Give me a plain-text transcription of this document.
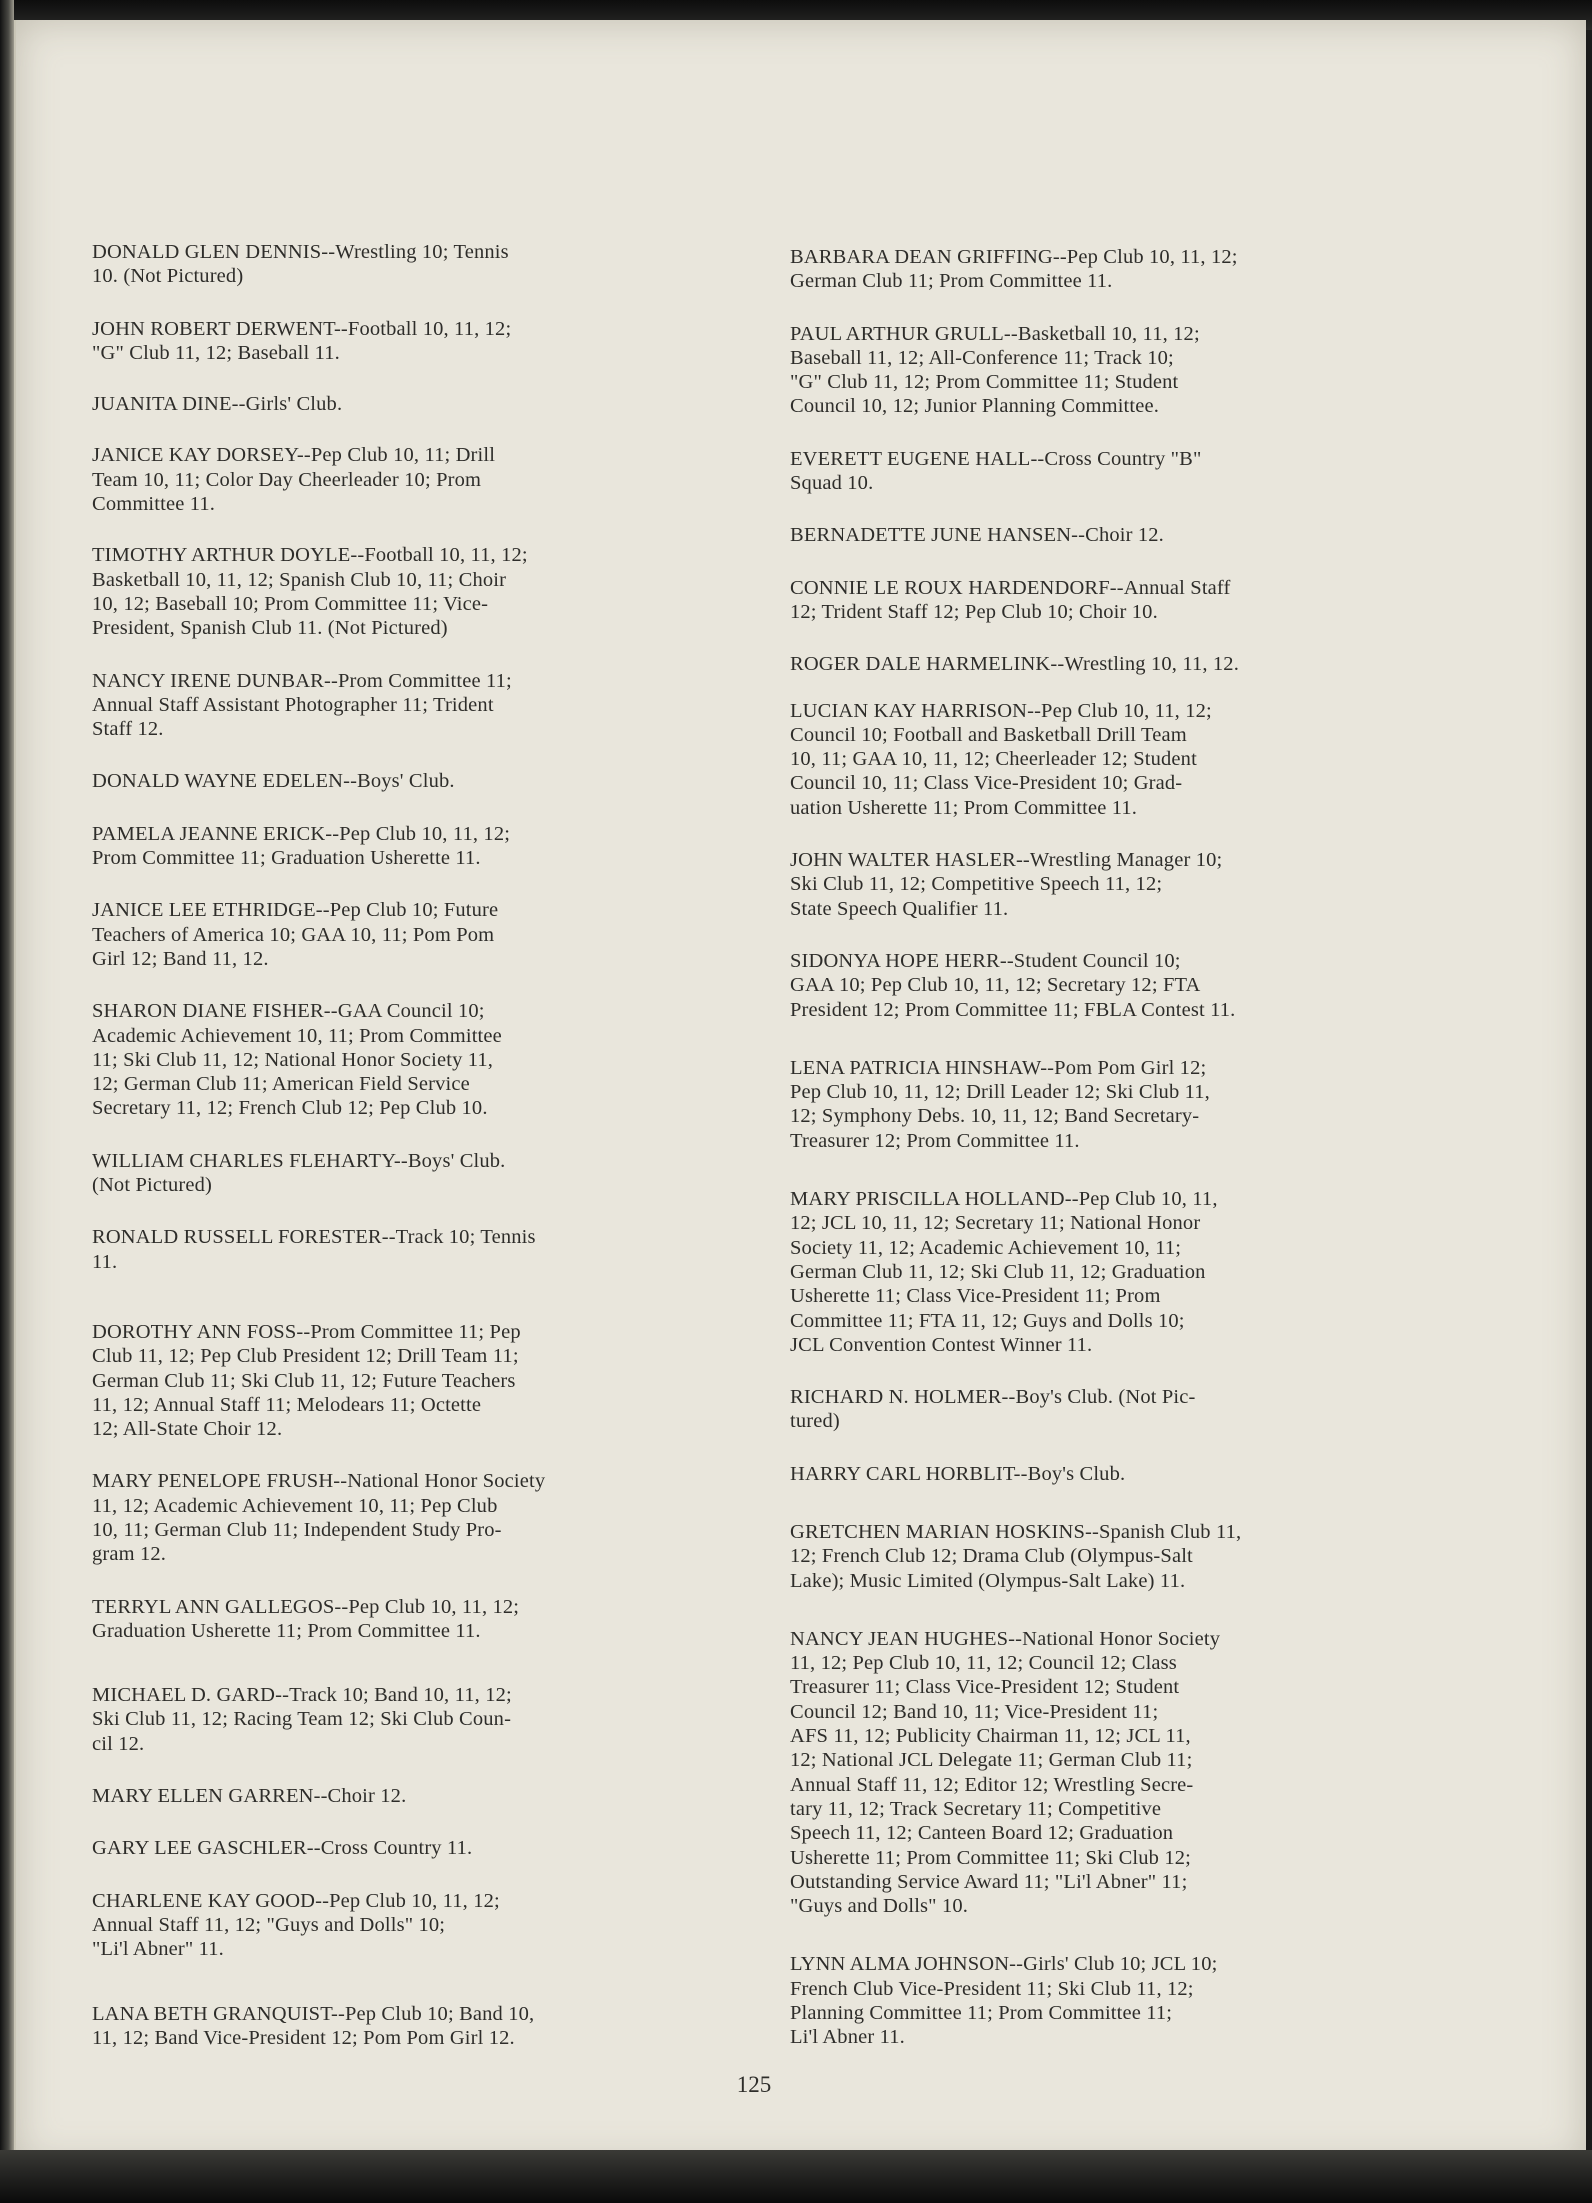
DONALD GLEN DENNIS--Wrestling 10; Tennis
10. (Not Pictured)

JOHN ROBERT DERWENT--Football 10, 11, 12;
"G" Club 11, 12; Baseball 11.

JUANITA DINE--Girls' Club.

JANICE KAY DORSEY--Pep Club 10, 11; Drill
Team 10, 11; Color Day Cheerleader 10; Prom
Committee 11.

TIMOTHY ARTHUR DOYLE--Football 10, 11, 12;
Basketball 10, 11, 12; Spanish Club 10, 11; Choir
10, 12; Baseball 10; Prom Committee 11; Vice-
President, Spanish Club 11. (Not Pictured)

NANCY IRENE DUNBAR--Prom Committee 11;
Annual Staff Assistant Photographer 11; Trident
Staff 12.

DONALD WAYNE EDELEN--Boys' Club.

PAMELA JEANNE ERICK--Pep Club 10, 11, 12;
Prom Committee 11; Graduation Usherette 11.

JANICE LEE ETHRIDGE--Pep Club 10; Future
Teachers of America 10; GAA 10, 11; Pom Pom
Girl 12; Band 11, 12.

SHARON DIANE FISHER--GAA Council 10;
Academic Achievement 10, 11; Prom Committee
11; Ski Club 11, 12; National Honor Society 11,
12; German Club 11; American Field Service
Secretary 11, 12; French Club 12; Pep Club 10.

WILLIAM CHARLES FLEHARTY--Boys' Club.
(Not Pictured)

RONALD RUSSELL FORESTER--Track 10; Tennis
11.

DOROTHY ANN FOSS--Prom Committee 11; Pep
Club 11, 12; Pep Club President 12; Drill Team 11;
German Club 11; Ski Club 11, 12; Future Teachers
11, 12; Annual Staff 11; Melodears 11; Octette
12; All-State Choir 12.

MARY PENELOPE FRUSH--National Honor Society
11, 12; Academic Achievement 10, 11; Pep Club
10, 11; German Club 11; Independent Study Pro-
gram 12.

TERRYL ANN GALLEGOS--Pep Club 10, 11, 12;
Graduation Usherette 11; Prom Committee 11.

MICHAEL D. GARD--Track 10; Band 10, 11, 12;
Ski Club 11, 12; Racing Team 12; Ski Club Coun-
cil 12.

MARY ELLEN GARREN--Choir 12.

GARY LEE GASCHLER--Cross Country 11.

CHARLENE KAY GOOD--Pep Club 10, 11, 12;
Annual Staff 11, 12; "Guys and Dolls" 10;
"Li'l Abner" 11.

LANA BETH GRANQUIST--Pep Club 10; Band 10,
11, 12; Band Vice-President 12; Pom Pom Girl 12.

BARBARA DEAN GRIFFING--Pep Club 10, 11, 12;
German Club 11; Prom Committee 11.

PAUL ARTHUR GRULL--Basketball 10, 11, 12;
Baseball 11, 12; All-Conference 11; Track 10;
"G" Club 11, 12; Prom Committee 11; Student
Council 10, 12; Junior Planning Committee.

EVERETT EUGENE HALL--Cross Country "B"
Squad 10.

BERNADETTE JUNE HANSEN--Choir 12.

CONNIE LE ROUX HARDENDORF--Annual Staff
12; Trident Staff 12; Pep Club 10; Choir 10.

ROGER DALE HARMELINK--Wrestling 10, 11, 12.

LUCIAN KAY HARRISON--Pep Club 10, 11, 12;
Council 10; Football and Basketball Drill Team
10, 11; GAA 10, 11, 12; Cheerleader 12; Student
Council 10, 11; Class Vice-President 10; Grad-
uation Usherette 11; Prom Committee 11.

JOHN WALTER HASLER--Wrestling Manager 10;
Ski Club 11, 12; Competitive Speech 11, 12;
State Speech Qualifier 11.

SIDONYA HOPE HERR--Student Council 10;
GAA 10; Pep Club 10, 11, 12; Secretary 12; FTA
President 12; Prom Committee 11; FBLA Contest 11.

LENA PATRICIA HINSHAW--Pom Pom Girl 12;
Pep Club 10, 11, 12; Drill Leader 12; Ski Club 11,
12; Symphony Debs. 10, 11, 12; Band Secretary-
Treasurer 12; Prom Committee 11.

MARY PRISCILLA HOLLAND--Pep Club 10, 11,
12; JCL 10, 11, 12; Secretary 11; National Honor
Society 11, 12; Academic Achievement 10, 11;
German Club 11, 12; Ski Club 11, 12; Graduation
Usherette 11; Class Vice-President 11; Prom
Committee 11; FTA 11, 12; Guys and Dolls 10;
JCL Convention Contest Winner 11.

RICHARD N. HOLMER--Boy's Club. (Not Pic-
tured)

HARRY CARL HORBLIT--Boy's Club.

GRETCHEN MARIAN HOSKINS--Spanish Club 11,
12; French Club 12; Drama Club (Olympus-Salt
Lake); Music Limited (Olympus-Salt Lake) 11.

NANCY JEAN HUGHES--National Honor Society
11, 12; Pep Club 10, 11, 12; Council 12; Class
Treasurer 11; Class Vice-President 12; Student
Council 12; Band 10, 11; Vice-President 11;
AFS 11, 12; Publicity Chairman 11, 12; JCL 11,
12; National JCL Delegate 11; German Club 11;
Annual Staff 11, 12; Editor 12; Wrestling Secre-
tary 11, 12; Track Secretary 11; Competitive
Speech 11, 12; Canteen Board 12; Graduation
Usherette 11; Prom Committee 11; Ski Club 12;
Outstanding Service Award 11; "Li'l Abner" 11;
"Guys and Dolls" 10.

LYNN ALMA JOHNSON--Girls' Club 10; JCL 10;
French Club Vice-President 11; Ski Club 11, 12;
Planning Committee 11; Prom Committee 11;
Li'l Abner 11.

125
